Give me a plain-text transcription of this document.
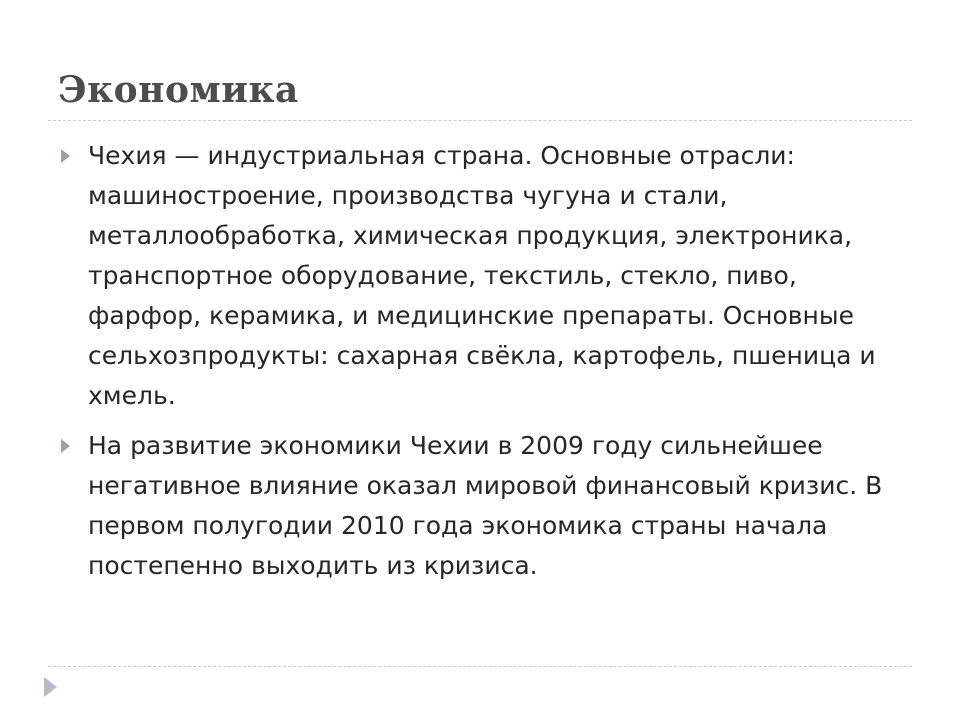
Экономика
Чехия — индустриальная страна. Основные отрасли: машиностроение, производства чугуна и стали, металлообработка, химическая продукция, электроника, транспортное оборудование, текстиль, стекло, пиво, фарфор, керамика, и медицинские препараты. Основные сельхозпродукты: сахарная свёкла, картофель, пшеница и хмель.
На развитие экономики Чехии в 2009 году сильнейшее негативное влияние оказал мировой финансовый кризис. В первом полугодии 2010 года экономика страны начала постепенно выходить из кризиса.
